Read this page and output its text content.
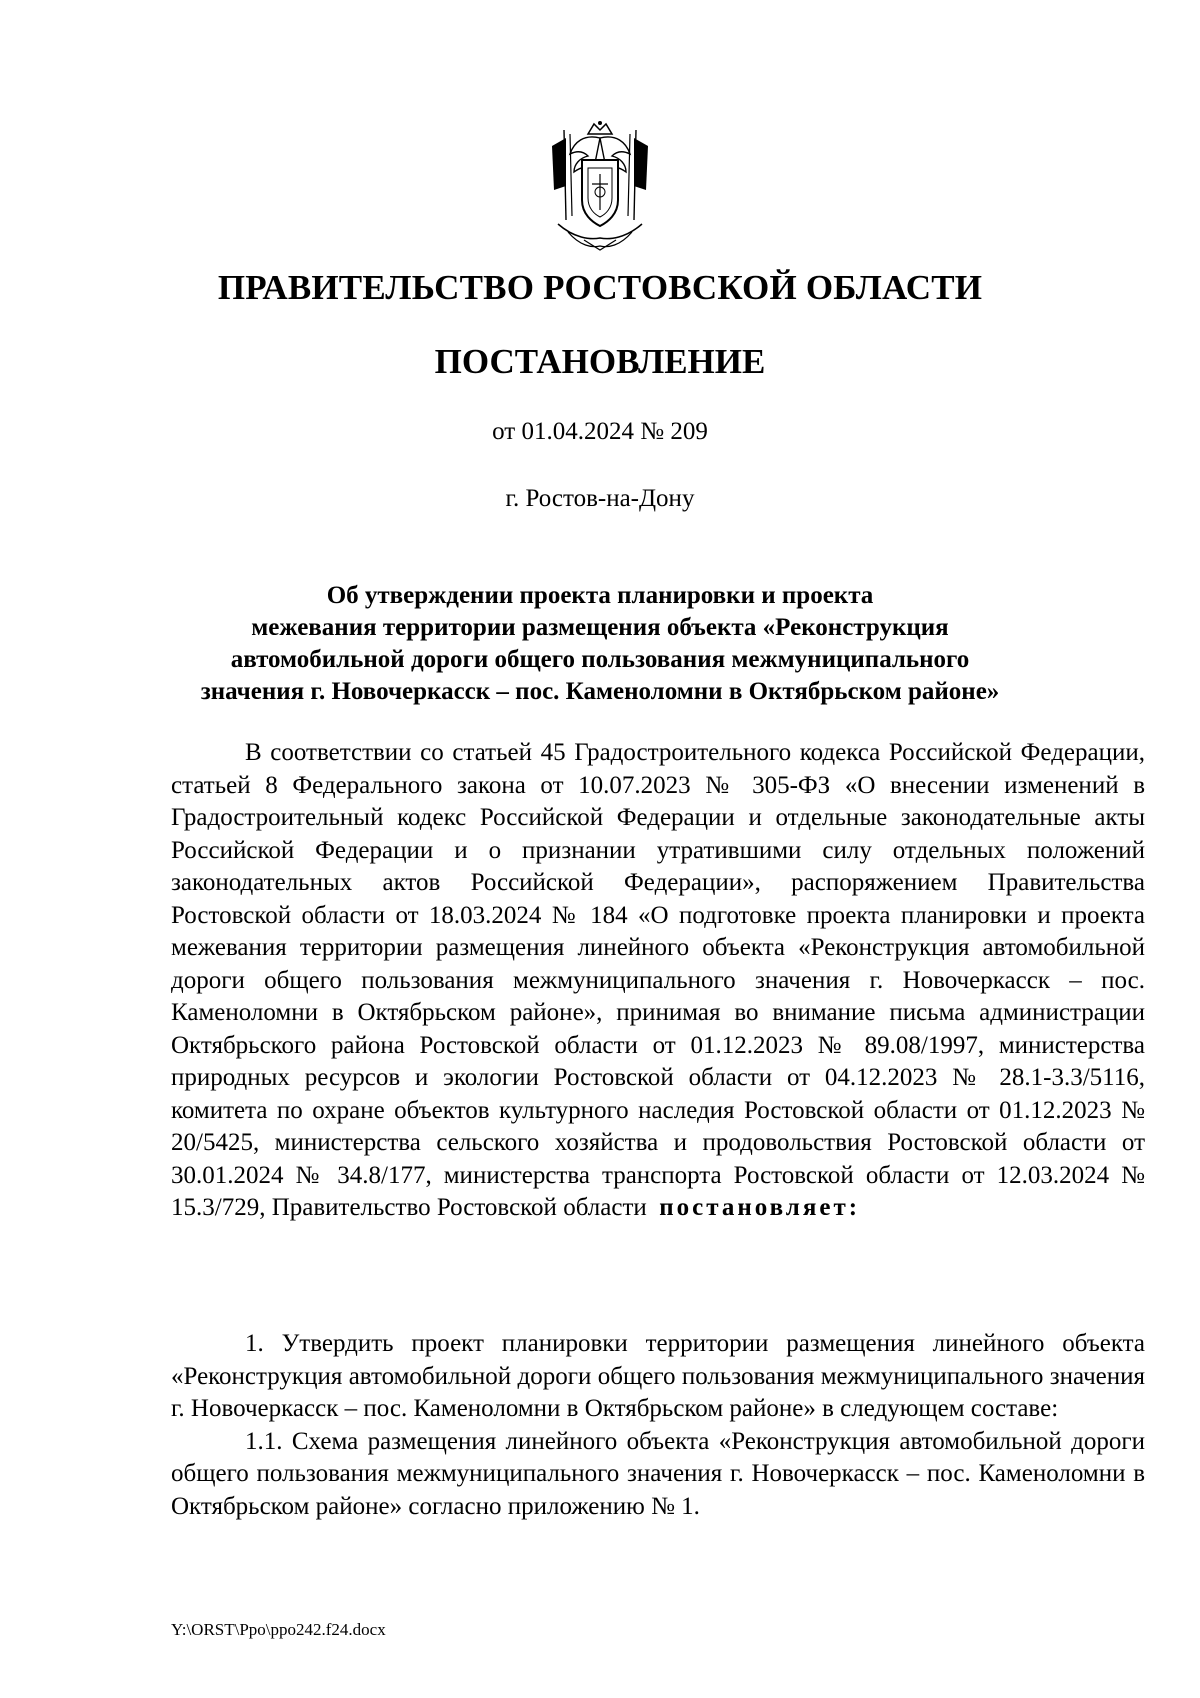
ПРАВИТЕЛЬСТВО РОСТОВСКОЙ ОБЛАСТИ
ПОСТАНОВЛЕНИЕ
от 01.04.2024 № 209
г. Ростов-на-Дону
Об утверждении проекта планировки и проекта
межевания территории размещения объекта «Реконструкция
автомобильной дороги общего пользования межмуниципального
значения г. Новочеркасск – пос. Каменоломни в Октябрьском районе»

В соответствии со статьей 45 Градостроительного кодекса Российской Федерации, статьей 8 Федерального закона от 10.07.2023 № 305-ФЗ «О внесении изменений в Градостроительный кодекс Российской Федерации и отдельные законодательные акты Российской Федерации и о признании утратившими силу отдельных положений законодательных актов Российской Федерации», распоряжением Правительства Ростовской области от 18.03.2024 № 184 «О подготовке проекта планировки и проекта межевания территории размещения линейного объекта «Реконструкция автомобильной дороги общего пользования межмуниципального значения г. Новочеркасск – пос. Каменоломни в Октябрьском районе», принимая во внимание письма администрации Октябрьского района Ростовской области от 01.12.2023 № 89.08/1997, министерства природных ресурсов и экологии Ростовской области от 04.12.2023 № 28.1-3.3/5116, комитета по охране объектов культурного наследия Ростовской области от 01.12.2023 № 20/5425, министерства сельского хозяйства и продовольствия Ростовской области от 30.01.2024 № 34.8/177, министерства транспорта Ростовской области от 12.03.2024 № 15.3/729, Правительство Ростовской области постановляет:

1. Утвердить проект планировки территории размещения линейного объекта «Реконструкция автомобильной дороги общего пользования межмуниципального значения г. Новочеркасск – пос. Каменоломни в Октябрьском районе» в следующем составе:

1.1. Схема размещения линейного объекта «Реконструкция автомобильной дороги общего пользования межмуниципального значения г. Новочеркасск – пос. Каменоломни в Октябрьском районе» согласно приложению № 1.

Y:\ORST\Ppo\ppo242.f24.docx
